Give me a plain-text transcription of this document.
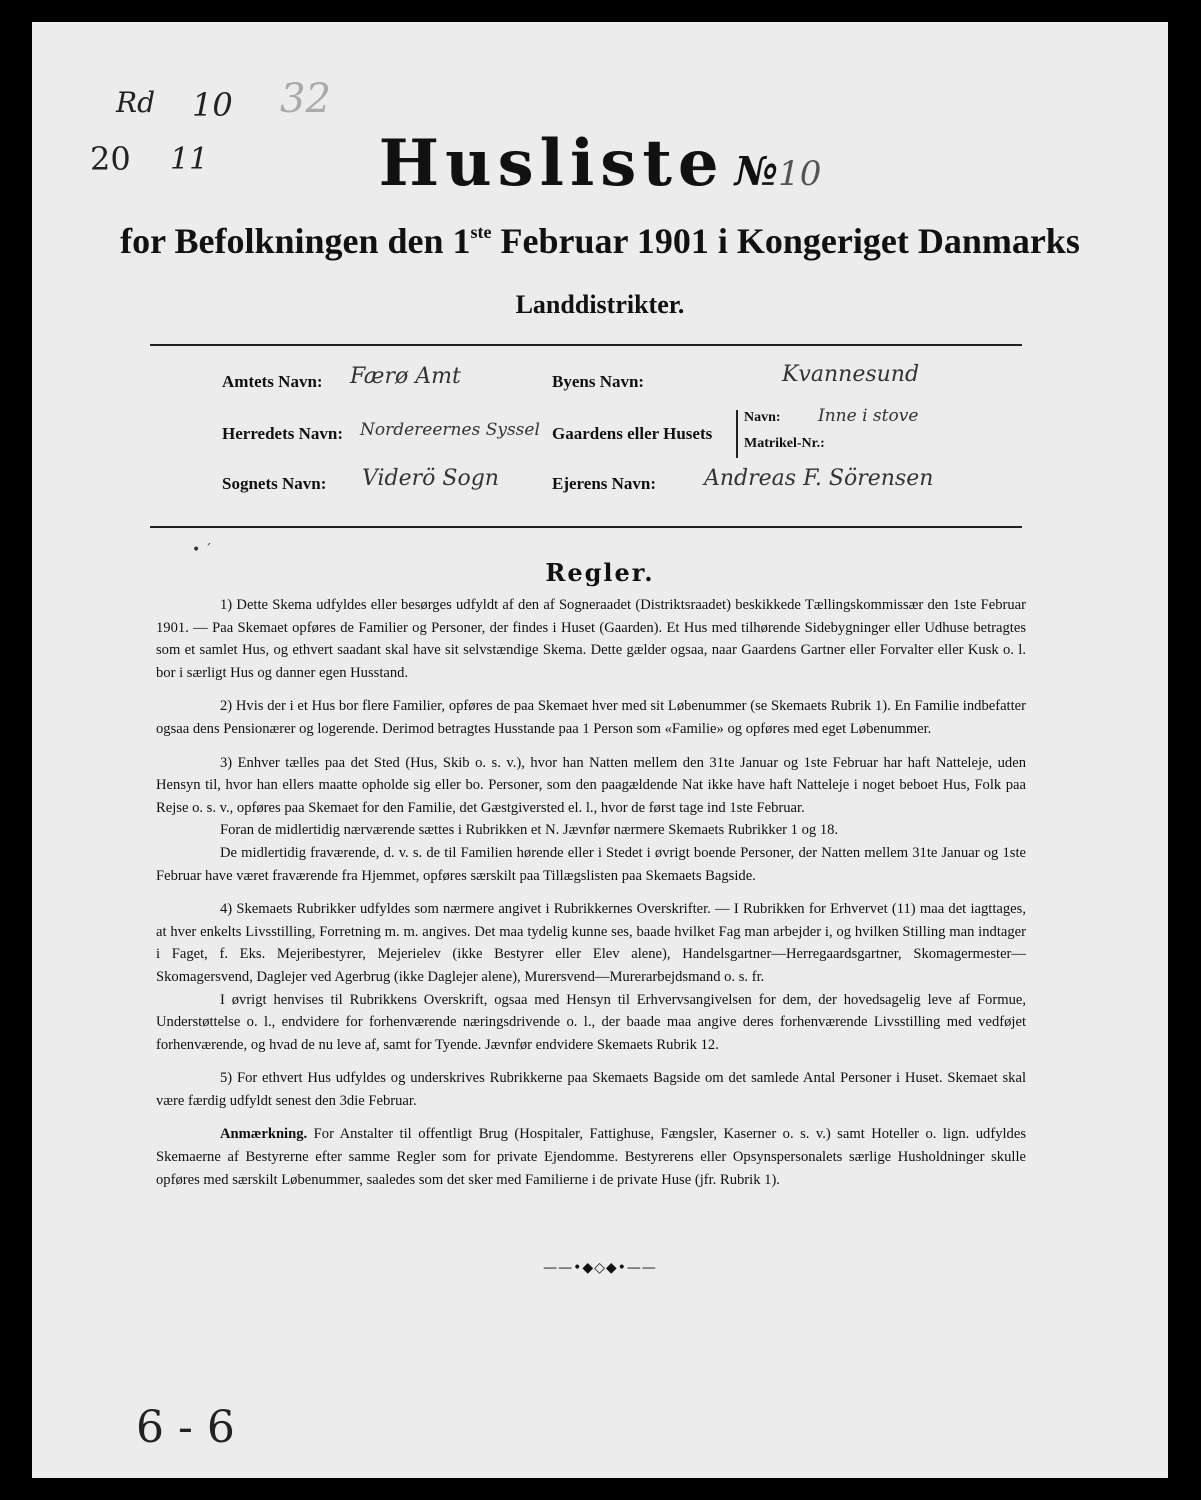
Rd 10 32
20 11	Husliste №10
for Befolkningen den 1ste Februar 1901 i Kongeriget Danmarks
Landdistrikter.
Amtets Navn: Færø Amt	Byens Navn:	Kvannesund
Herredets Navn: Nordereernes Syssel Gaardens eller Husets
Navn: Inne i stove
Matrikel-Nr.:
Sognets Navn: Viderö Sogn	Ejerens Navn: Andreas F. Sörensen
• ˊ
Regler.

1) Dette Skema udfyldes eller besørges udfyldt af den af Sogneraadet (Distriktsraadet) beskikkede Tællingskommissær den 1ste Februar 1901. — Paa Skemaet opføres de Familier og Personer, der findes i Huset (Gaarden). Et Hus med tilhørende Sidebygninger eller Udhuse betragtes som et samlet Hus, og ethvert saadant skal have sit selvstændige Skema. Dette gælder ogsaa, naar Gaardens Gartner eller Forvalter eller Kusk o. l. bor i særligt Hus og danner egen Husstand.

2) Hvis der i et Hus bor flere Familier, opføres de paa Skemaet hver med sit Løbenummer (se Skemaets Rubrik 1). En Familie indbefatter ogsaa dens Pensionærer og logerende. Derimod betragtes Husstande paa 1 Person som «Familie» og opføres med eget Løbenummer.

3) Enhver tælles paa det Sted (Hus, Skib o. s. v.), hvor han Natten mellem den 31te Januar og 1ste Februar har haft Natteleje, uden Hensyn til, hvor han ellers maatte opholde sig eller bo. Personer, som den paagældende Nat ikke have haft Natteleje i noget beboet Hus, Folk paa Rejse o. s. v., opføres paa Skemaet for den Familie, det Gæstgiversted el. l., hvor de først tage ind 1ste Februar.

Foran de midlertidig nærværende sættes i Rubrikken et N. Jævnfør nærmere Skemaets Rubrikker 1 og 18.

De midlertidig fraværende, d. v. s. de til Familien hørende eller i Stedet i øvrigt boende Personer, der Natten mellem 31te Januar og 1ste Februar have været fraværende fra Hjemmet, opføres særskilt paa Tillægslisten paa Skemaets Bagside.

4) Skemaets Rubrikker udfyldes som nærmere angivet i Rubrikkernes Overskrifter. — I Rubrikken for Erhvervet (11) maa det iagttages, at hver enkelts Livsstilling, Forretning m. m. angives. Det maa tydelig kunne ses, baade hvilket Fag man arbejder i, og hvilken Stilling man indtager i Faget, f. Eks. Mejeribestyrer, Mejerielev (ikke Bestyrer eller Elev alene), Handelsgartner—Herregaardsgartner, Skomagermester—Skomagersvend, Daglejer ved Agerbrug (ikke Daglejer alene), Murersvend—Murerarbejdsmand o. s. fr.

I øvrigt henvises til Rubrikkens Overskrift, ogsaa med Hensyn til Erhvervsangivelsen for dem, der hovedsagelig leve af Formue, Understøttelse o. l., endvidere for forhenværende næringsdrivende o. l., der baade maa angive deres forhenværende Livsstilling med vedføjet forhenværende, og hvad de nu leve af, samt for Tyende. Jævnfør endvidere Skemaets Rubrik 12.

5) For ethvert Hus udfyldes og underskrives Rubrikkerne paa Skemaets Bagside om det samlede Antal Personer i Huset. Skemaet skal være færdig udfyldt senest den 3die Februar.

Anmærkning. For Anstalter til offentligt Brug (Hospitaler, Fattighuse, Fængsler, Kaserner o. s. v.) samt Hoteller o. lign. udfyldes Skemaerne af Bestyrerne efter samme Regler som for private Ejendomme. Bestyrerens eller Opsynspersonalets særlige Husholdninger skulle opføres med særskilt Løbenummer, saaledes som det sker med Familierne i de private Huse (jfr. Rubrik 1).

——•◆◇◆•——
6 - 6
